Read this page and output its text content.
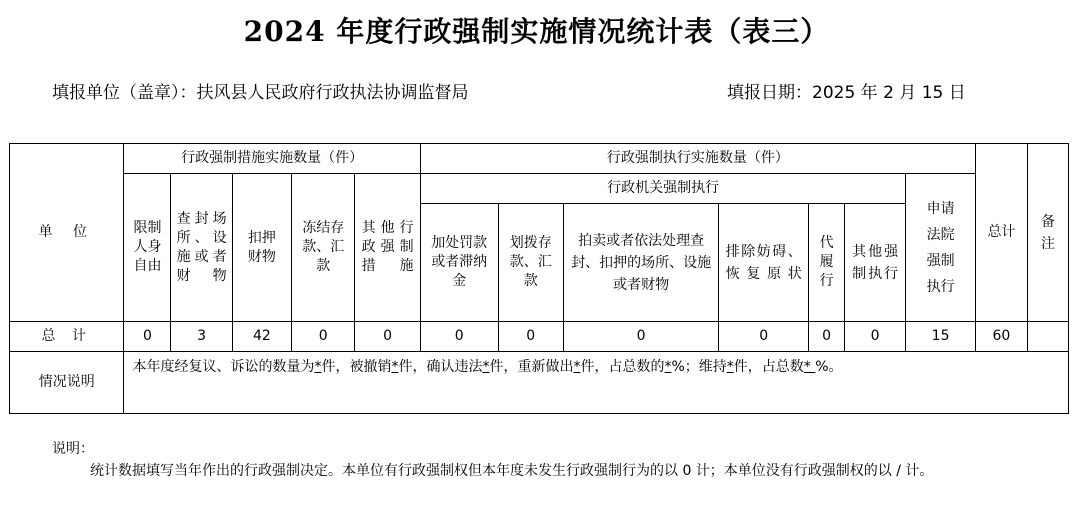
2024 年度行政强制实施情况统计表（表三）
填报单位（盖章）：扶风县人民政府行政执法协调监督局	填报日期：2025 年 2 月 15 日
单 位	行政强制措施实施数量（件）					行政强制执行实施数量（件）							总计	备注

	限制人身自由	查封场所、设施或者财物	扣押财物	冻结存款、汇款	其他行政强制措施	行政机关强制执行						申请法院强制执行		

						加处罚款或者滞纳金	划拨存款、汇款	拍卖或者依法处理查封、扣押的场所、设施或者财物	排除妨碍、恢复原状	代履行	其他强制执行			

总 计	0	3	42	0	0	0	0	0	0	0	0	15	60	
情况说明	本年度经复议、诉讼的数量为*件，被撤销*件，确认违法*件，重新做出*件，占总数的*%；维持*件，占总数* %。													
说明：
统计数据填写当年作出的行政强制决定。本单位有行政强制权但本年度未发生行政强制行为的以 0 计；本单位没有行政强制权的以 / 计。
